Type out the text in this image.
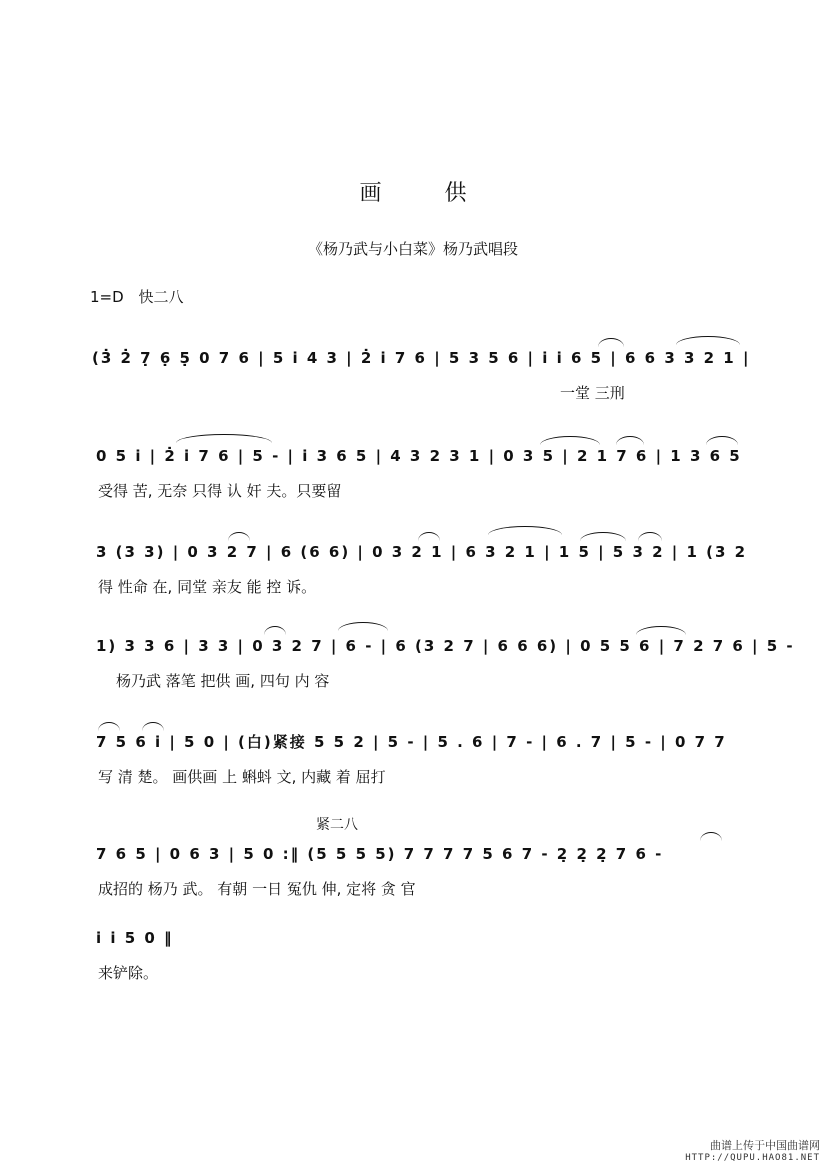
画 供
《杨乃武与小白菜》杨乃武唱段
1=D 快二八
(3̇ 2̇ 7̣ 6̣ 5̣ 0 7 6 | 5 i 4 3 | 2̇ i 7 6 | 5 3 5 6 | i i 6 5 | 6 6 3 3 2 1 |
一堂 三刑
0 5 i | 2̇ i 7 6 | 5 - | i 3 6 5 | 4 3 2 3 1 | 0 3 5 | 2 1 7 6 | 1 3 6 5
受得 苦, 无奈 只得 认 奸 夫。只要留
3 (3 3) | 0 3 2 7 | 6 (6 6) | 0 3 2 1 | 6 3 2 1 | 1 5 | 5 3 2 | 1 (3 2
得 性命 在, 同堂 亲友 能 控 诉。
1) 3 3 6 | 3 3 | 0 3 2 7 | 6 - | 6 (3 2 7 | 6 6 6) | 0 5 5 6 | 7 2 7 6 | 5 -
杨乃武 落笔 把供 画, 四句 内 容
7 5 6 i | 5 0 | (白)紧接 5 5 2 | 5 - | 5 . 6 | 7 - | 6 . 7 | 5 - | 0 7 7
写 清 楚。 画供画 上 蝌蚪 文, 内藏 着 屈打
紧二八
7 6 5 | 0 6 3 | 5 0 :‖ (5 5 5 5) 7 7 7 7 5 6 7 - 2̣ 2̣ 2̣ 7 6 -
成招的 杨乃 武。 有朝 一日 冤仇 伸, 定将 贪 官
i i 5 0 ‖
来铲除。
曲谱上传于中国曲谱网
HTTP://QUPU.HAO81.NET
